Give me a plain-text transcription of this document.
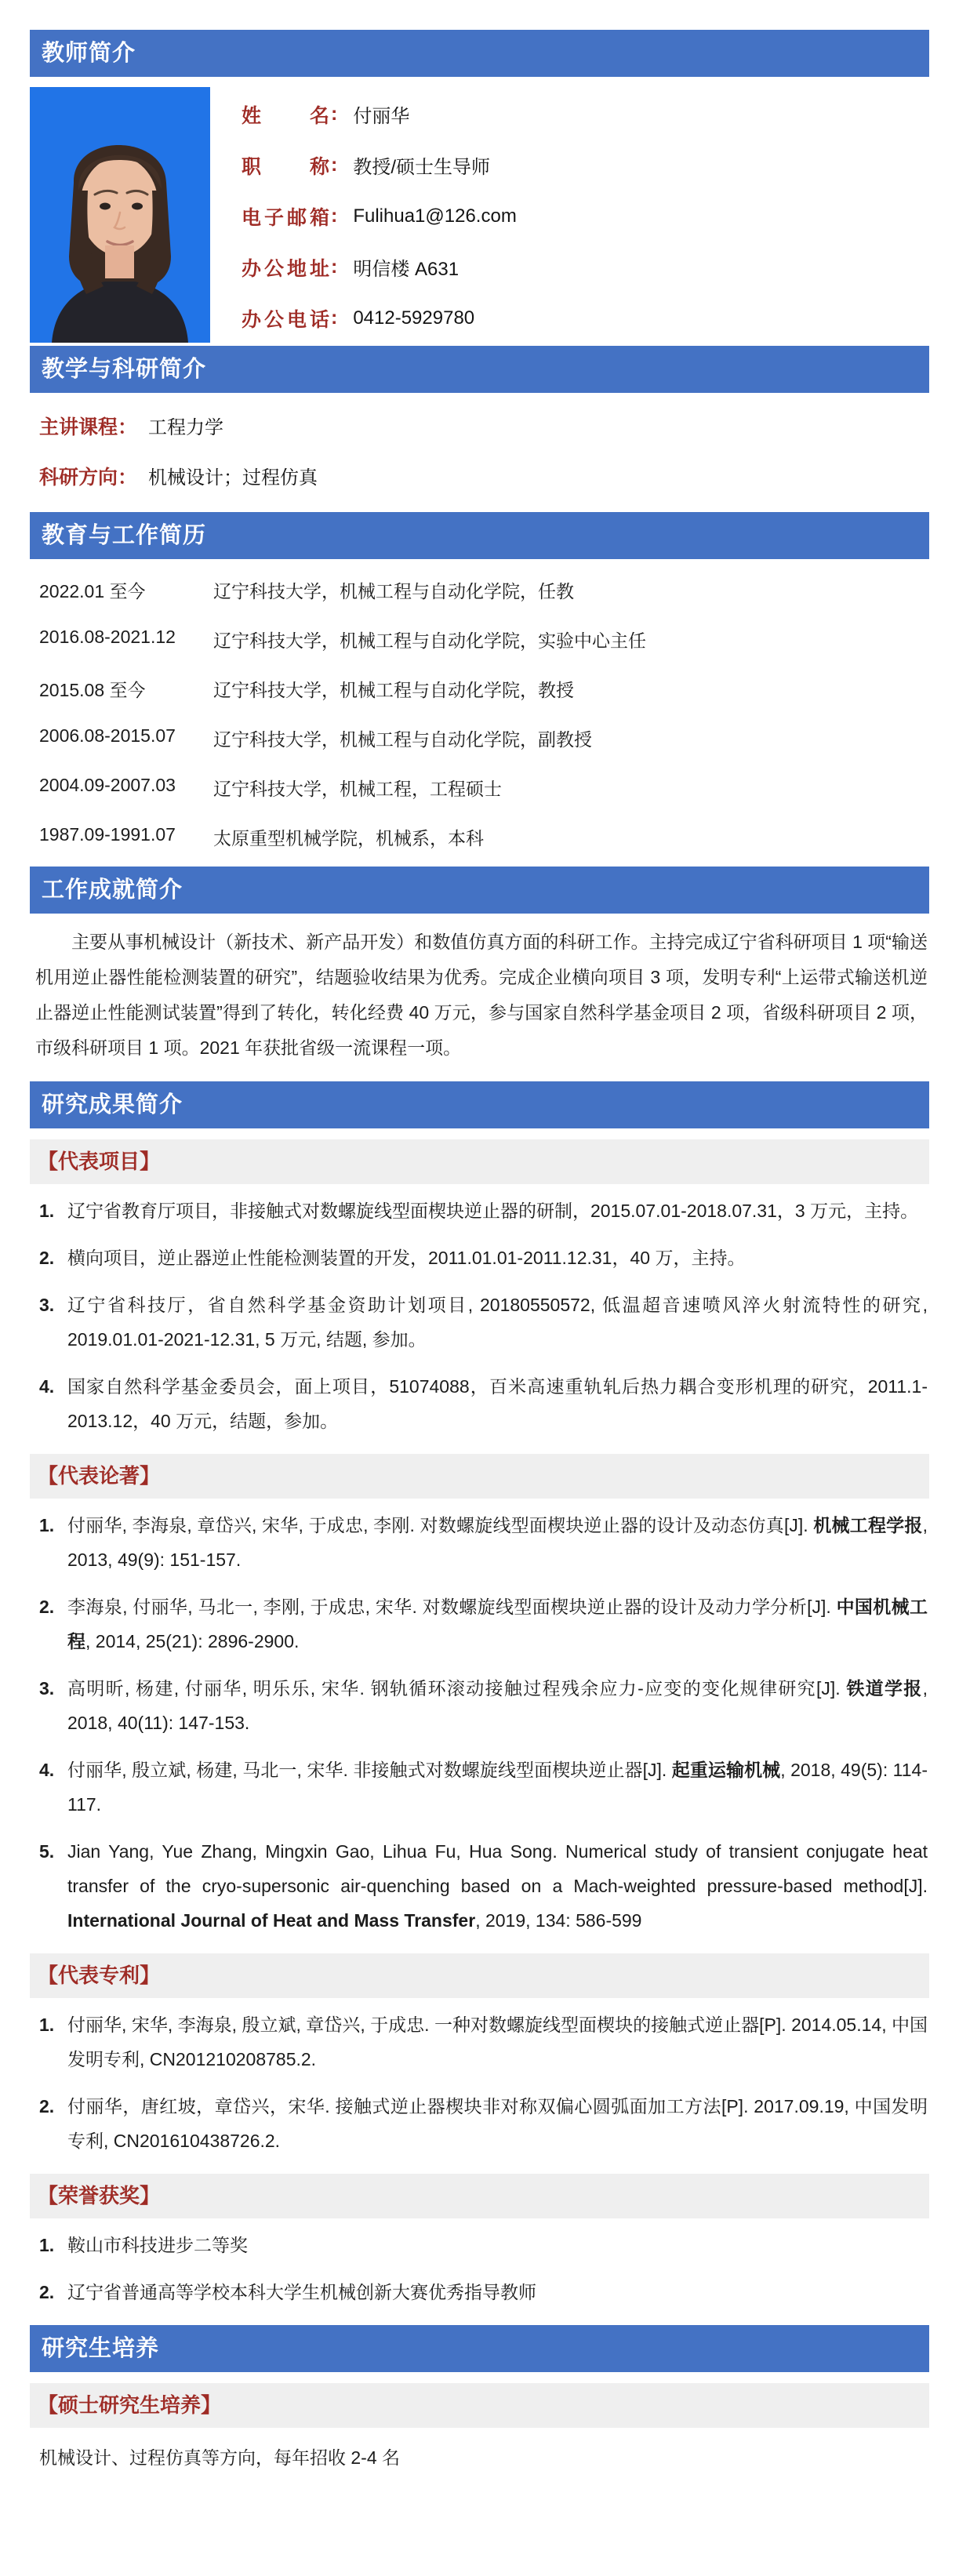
教师简介
姓名 : 付丽华
职称 : 教授/硕士生导师
电子邮箱 : Fulihua1@126.com
办公地址 : 明信楼 A631
办公电话 : 0412-5929780
教学与科研简介
主讲课程： 工程力学
科研方向： 机械设计；过程仿真
教育与工作简历
2022.01 至今	辽宁科技大学，机械工程与自动化学院，任教
2016.08-2021.12	辽宁科技大学，机械工程与自动化学院，实验中心主任
2015.08 至今	辽宁科技大学，机械工程与自动化学院，教授
2006.08-2015.07	辽宁科技大学，机械工程与自动化学院，副教授
2004.09-2007.03	辽宁科技大学，机械工程，工程硕士
1987.09-1991.07	太原重型机械学院，机械系，本科
工作成就简介
主要从事机械设计（新技术、新产品开发）和数值仿真方面的科研工作。主持完成辽宁省科研项目 1 项“输送机用逆止器性能检测装置的研究”，结题验收结果为优秀。完成企业横向项目 3 项，发明专利“上运带式输送机逆止器逆止性能测试装置”得到了转化，转化经费 40 万元，参与国家自然科学基金项目 2 项，省级科研项目 2 项，市级科研项目 1 项。2021 年获批省级一流课程一项。
研究成果简介
【代表项目】
1. 辽宁省教育厅项目，非接触式对数螺旋线型面楔块逆止器的研制，2015.07.01-2018.07.31，3 万元，主持。
2. 横向项目，逆止器逆止性能检测装置的开发，2011.01.01-2011.12.31，40 万，主持。
3. 辽宁省科技厅，省自然科学基金资助计划项目, 20180550572, 低温超音速喷风淬火射流特性的研究, 2019.01.01-2021-12.31, 5 万元, 结题, 参加。
4. 国家自然科学基金委员会，面上项目，51074088，百米高速重轨轧后热力耦合变形机理的研究，2011.1-2013.12，40 万元，结题，参加。
【代表论著】
1. 付丽华, 李海泉, 章岱兴, 宋华, 于成忠, 李刚. 对数螺旋线型面楔块逆止器的设计及动态仿真[J]. 机械工程学报, 2013, 49(9): 151-157.
2. 李海泉, 付丽华, 马北一, 李刚, 于成忠, 宋华. 对数螺旋线型面楔块逆止器的设计及动力学分析[J]. 中国机械工程, 2014, 25(21): 2896-2900.
3. 高明昕, 杨建, 付丽华, 明乐乐, 宋华. 钢轨循环滚动接触过程残余应力-应变的变化规律研究[J]. 铁道学报, 2018, 40(11): 147-153.
4. 付丽华, 殷立斌, 杨建, 马北一, 宋华. 非接触式对数螺旋线型面楔块逆止器[J]. 起重运输机械, 2018, 49(5): 114-117.
5. Jian Yang, Yue Zhang, Mingxin Gao, Lihua Fu, Hua Song. Numerical study of transient conjugate heat transfer of the cryo-supersonic air-quenching based on a Mach-weighted pressure-based method[J]. International Journal of Heat and Mass Transfer, 2019, 134: 586-599
【代表专利】
1. 付丽华, 宋华, 李海泉, 殷立斌, 章岱兴, 于成忠. 一种对数螺旋线型面楔块的接触式逆止器[P]. 2014.05.14, 中国发明专利, CN201210208785.2.
2. 付丽华，唐红坡，章岱兴，宋华. 接触式逆止器楔块非对称双偏心圆弧面加工方法[P]. 2017.09.19, 中国发明专利, CN201610438726.2.
【荣誉获奖】
1. 鞍山市科技进步二等奖
2. 辽宁省普通高等学校本科大学生机械创新大赛优秀指导教师
研究生培养
【硕士研究生培养】
机械设计、过程仿真等方向，每年招收 2-4 名
